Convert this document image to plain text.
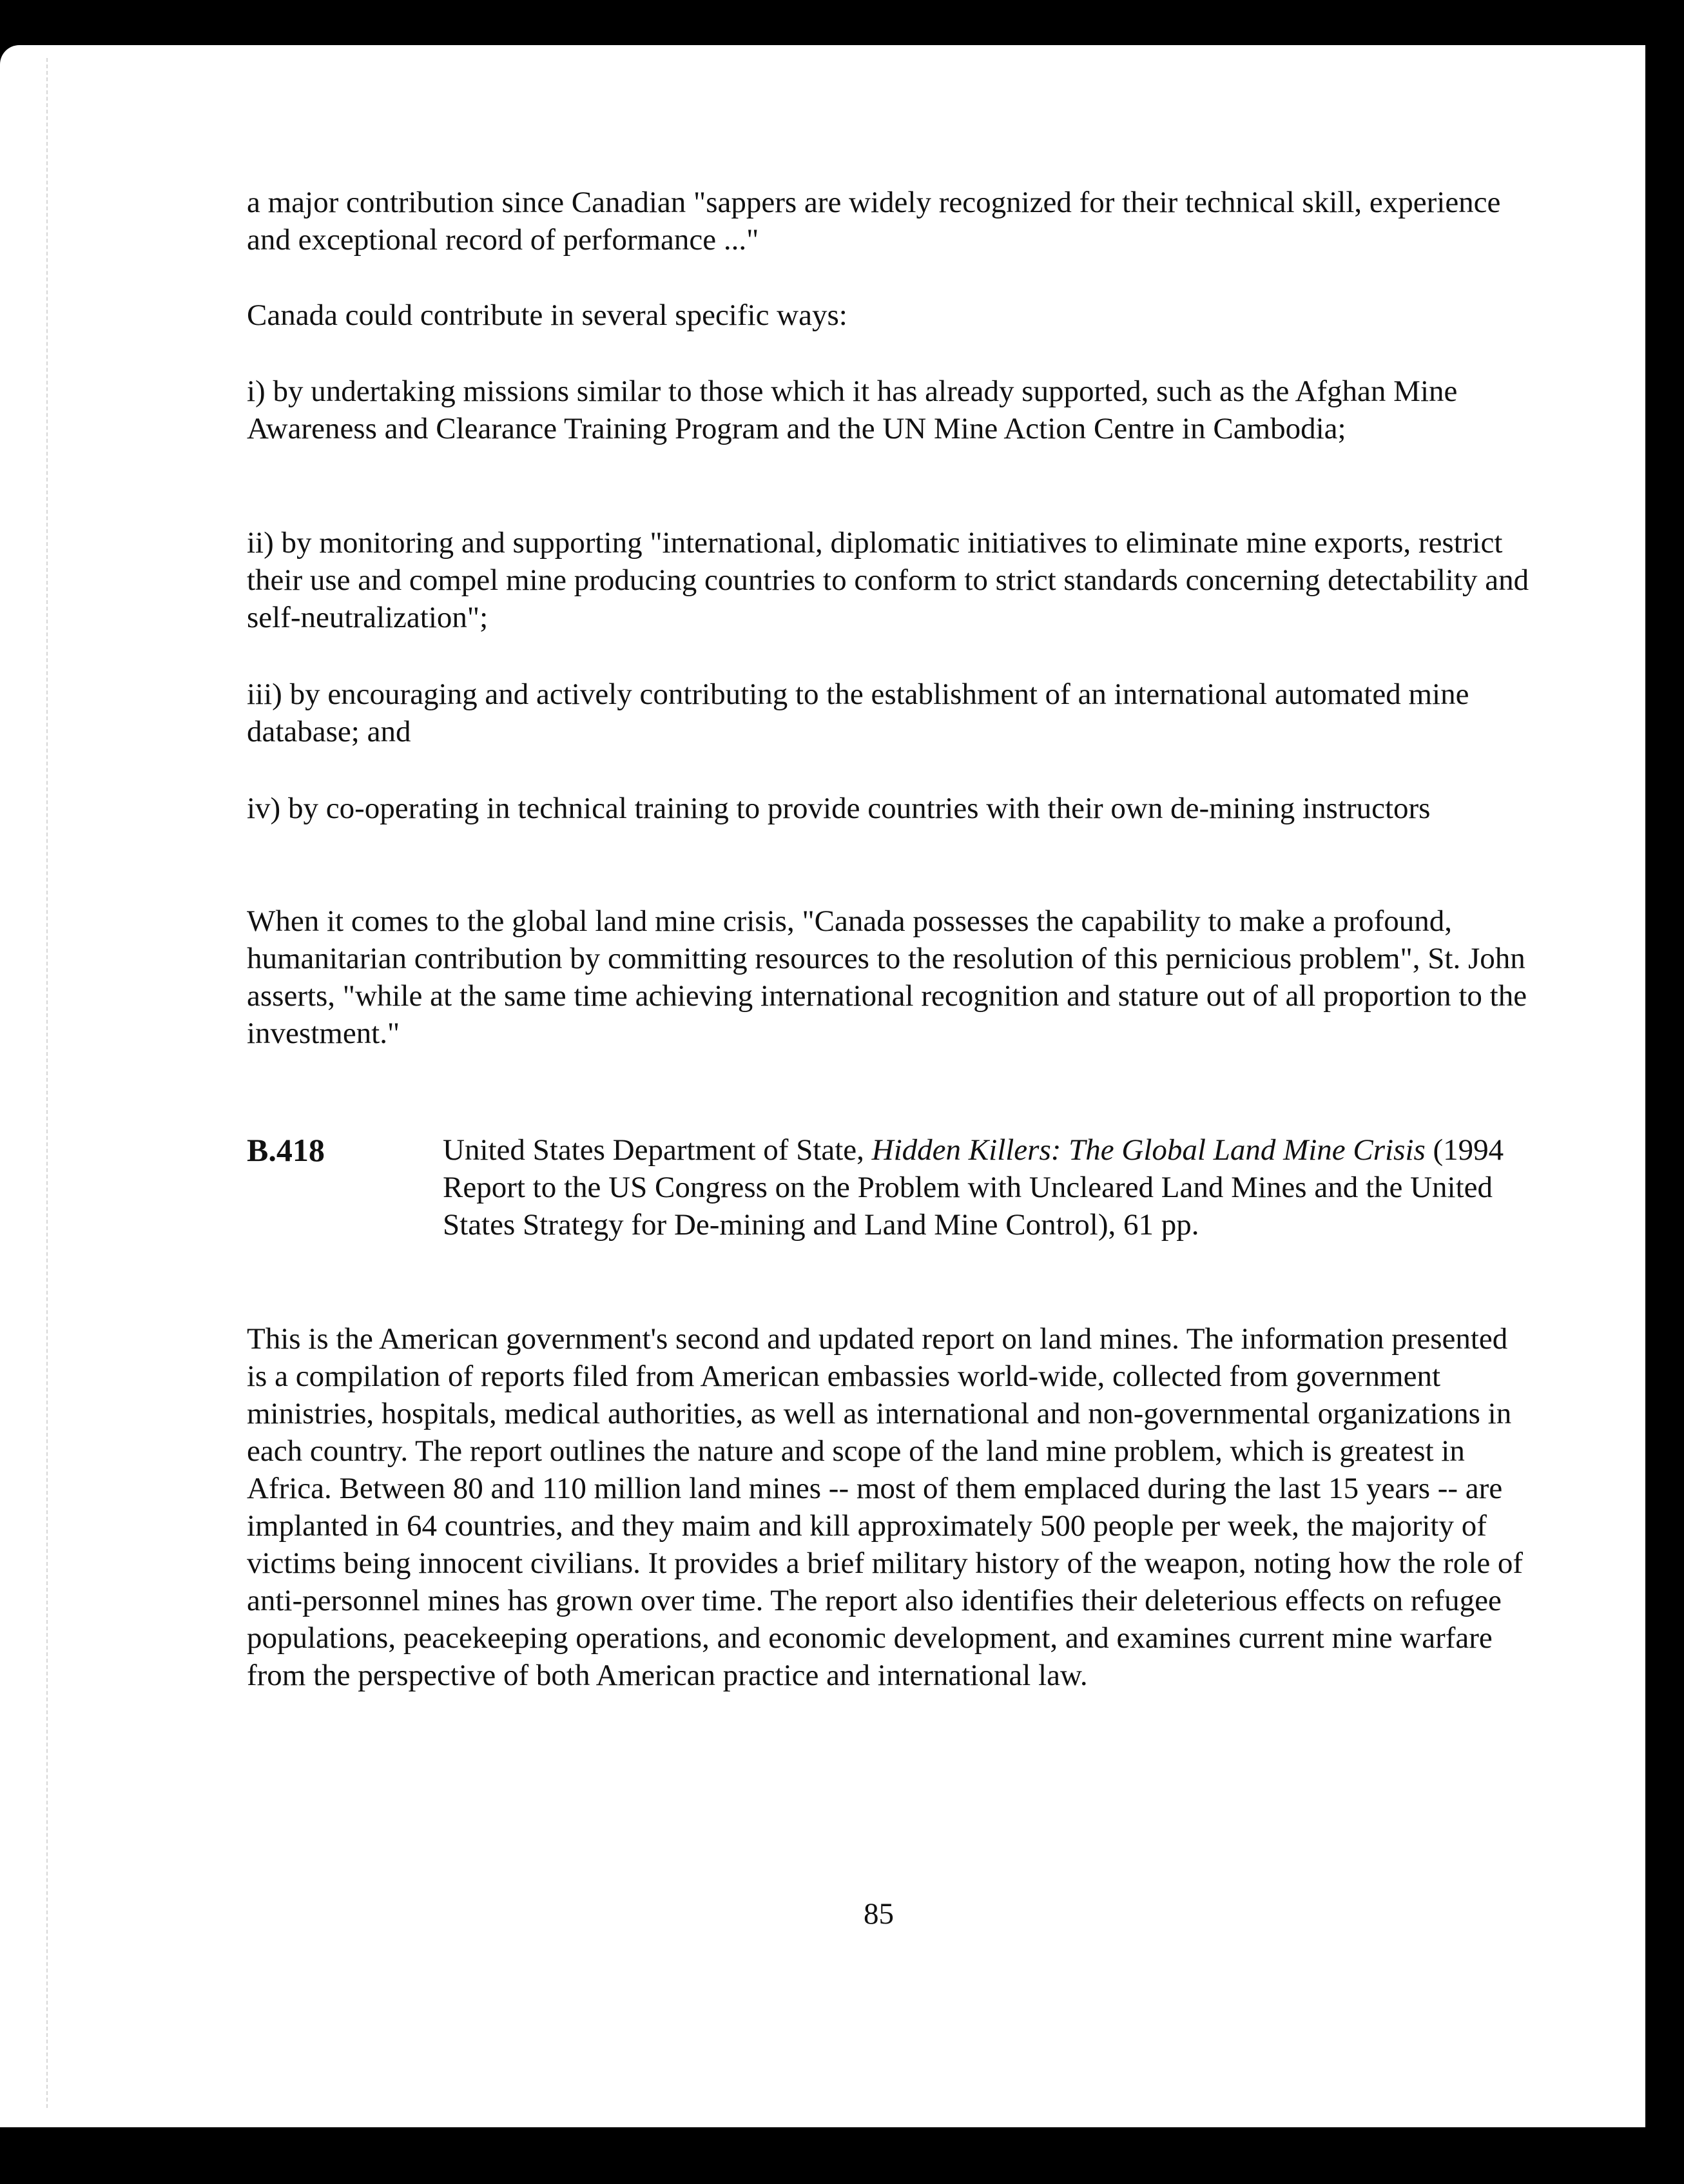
a major contribution since Canadian "sappers are widely recognized for their technical skill, experience and exceptional record of performance ..."

Canada could contribute in several specific ways:

i) by undertaking missions similar to those which it has already supported, such as the Afghan Mine Awareness and Clearance Training Program and the UN Mine Action Centre in Cambodia;

ii) by monitoring and supporting "international, diplomatic initiatives to eliminate mine exports, restrict their use and compel mine producing countries to conform to strict standards concerning detectability and self-neutralization";

iii) by encouraging and actively contributing to the establishment of an international automated mine database; and

iv) by co-operating in technical training to provide countries with their own de-mining instructors

When it comes to the global land mine crisis, "Canada possesses the capability to make a profound, humanitarian contribution by committing resources to the resolution of this pernicious problem", St. John asserts, "while at the same time achieving international recognition and stature out of all proportion to the investment."

B.418	United States Department of State, Hidden Killers: The Global Land Mine Crisis (1994 Report to the US Congress on the Problem with Uncleared Land Mines and the United States Strategy for De-mining and Land Mine Control), 61 pp.

This is the American government's second and updated report on land mines. The information presented is a compilation of reports filed from American embassies world-wide, collected from government ministries, hospitals, medical authorities, as well as international and non-governmental organizations in each country. The report outlines the nature and scope of the land mine problem, which is greatest in Africa. Between 80 and 110 million land mines -- most of them emplaced during the last 15 years -- are implanted in 64 countries, and they maim and kill approximately 500 people per week, the majority of victims being innocent civilians. It provides a brief military history of the weapon, noting how the role of anti-personnel mines has grown over time. The report also identifies their deleterious effects on refugee populations, peacekeeping operations, and economic development, and examines current mine warfare from the perspective of both American practice and international law.

85
